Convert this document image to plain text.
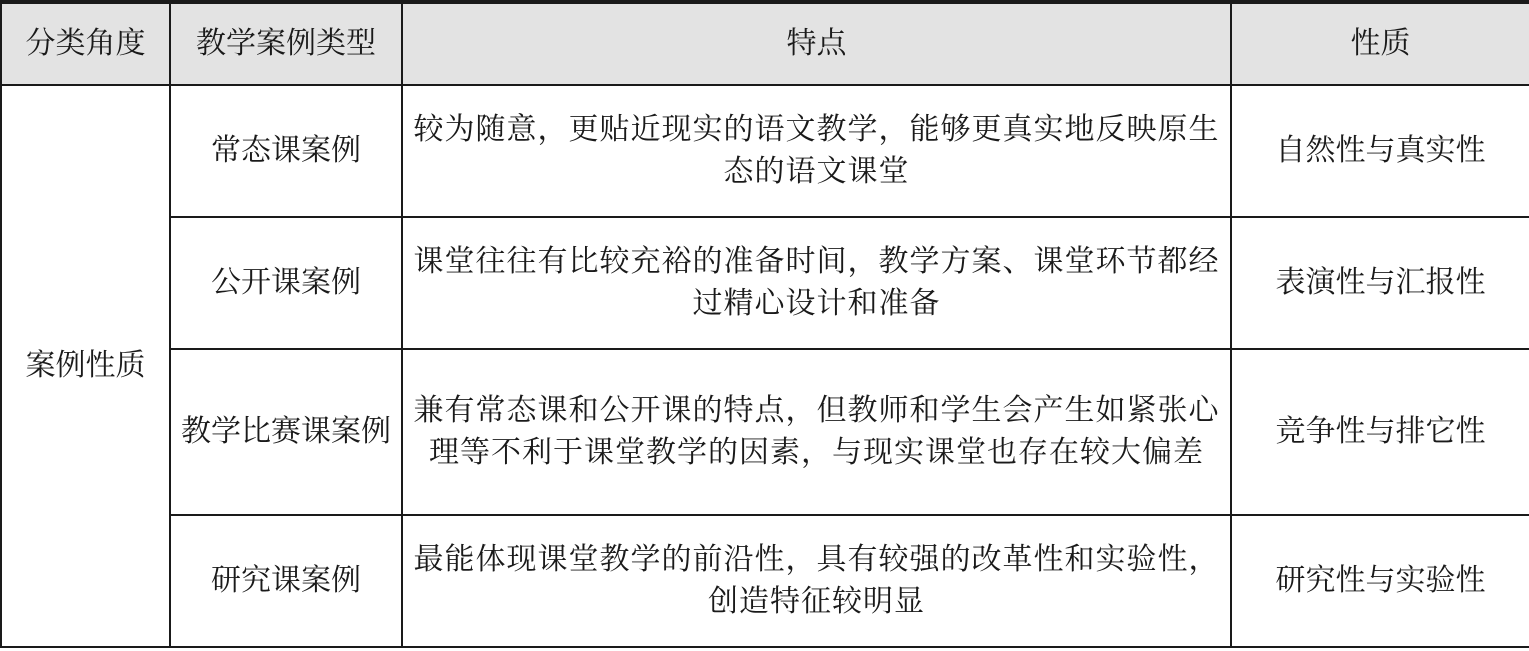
分类角度	教学案例类型	特点	性质
案例性质	常态课案例	较为随意，更贴近现实的语文教学，能够更真实地反映原生态的语文课堂	自然性与真实性
	公开课案例	课堂往往有比较充裕的准备时间，教学方案、课堂环节都经过精心设计和准备	表演性与汇报性
	教学比赛课案例	兼有常态课和公开课的特点，但教师和学生会产生如紧张心理等不利于课堂教学的因素，与现实课堂也存在较大偏差	竞争性与排它性
	研究课案例	最能体现课堂教学的前沿性，具有较强的改革性和实验性，创造特征较明显	研究性与实验性
